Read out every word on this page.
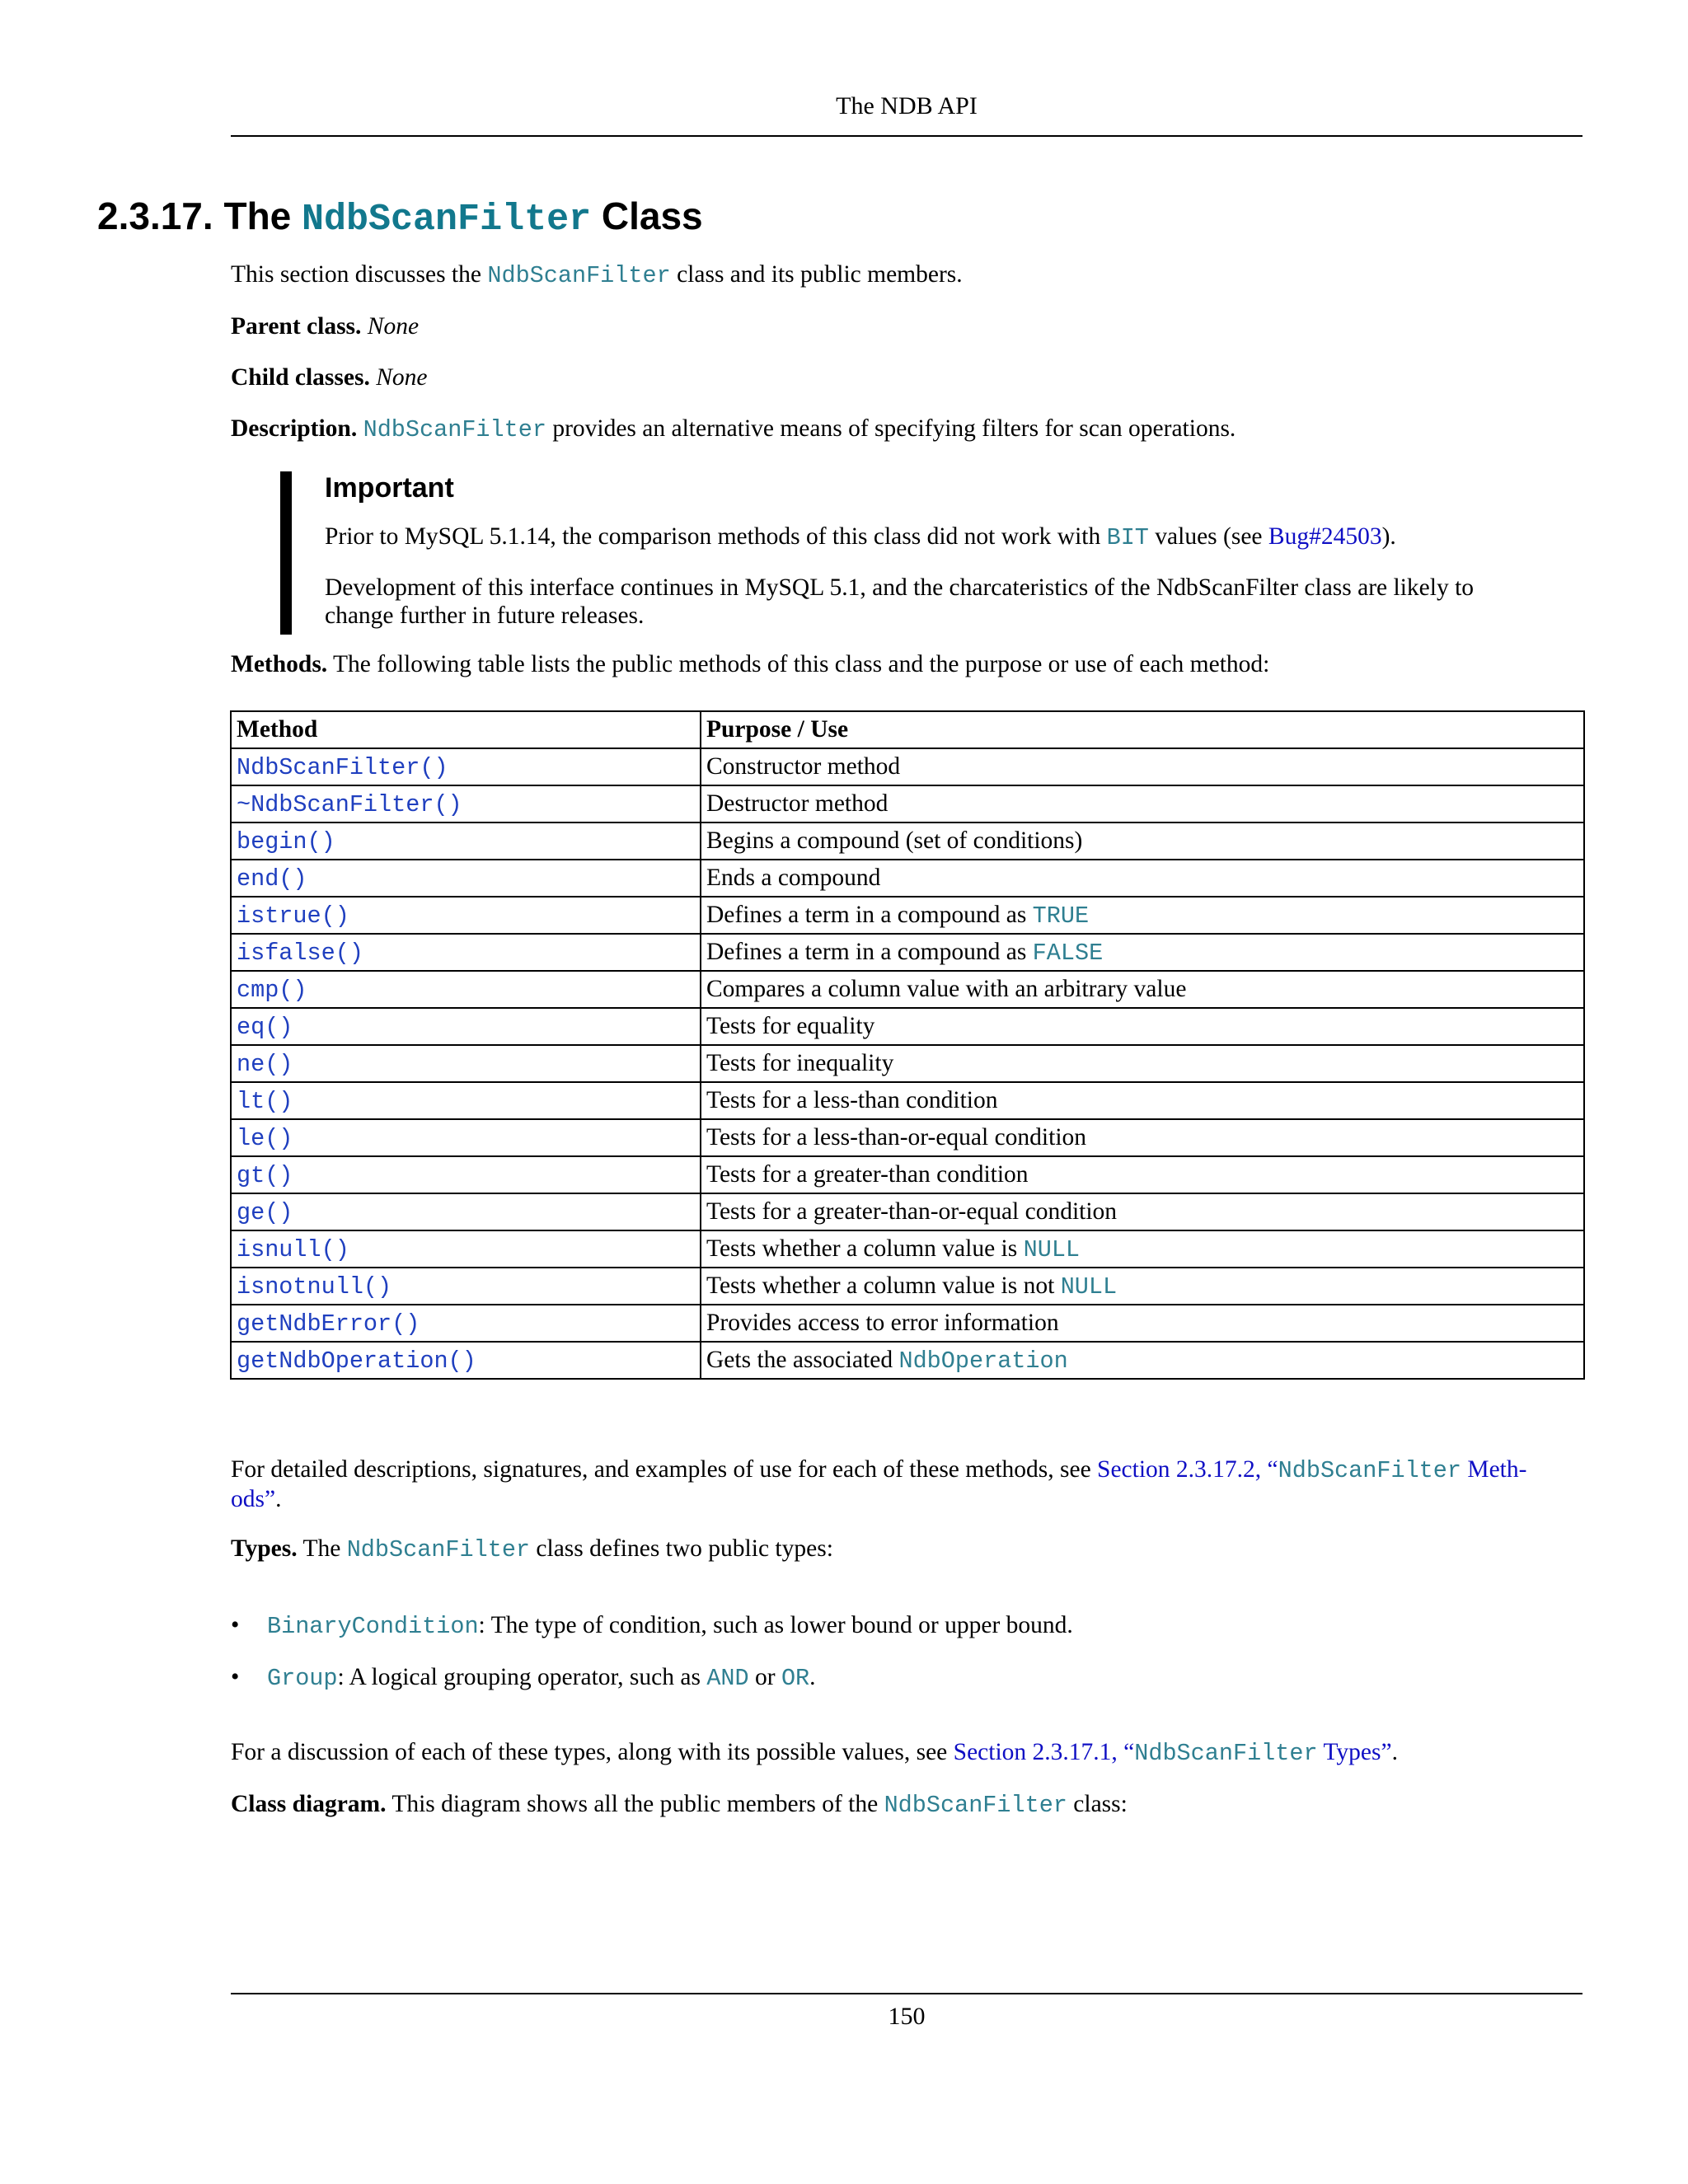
The NDB API
2.3.17. The NdbScanFilter Class
This section discusses the NdbScanFilter class and its public members.
Parent class. None
Child classes. None
Description. NdbScanFilter provides an alternative means of specifying filters for scan operations.
Important
Prior to MySQL 5.1.14, the comparison methods of this class did not work with BIT values (see Bug#24503).
Development of this interface continues in MySQL 5.1, and the charcateristics of the NdbScanFilter class are likely to
change further in future releases.
Methods. The following table lists the public methods of this class and the purpose or use of each method:
Method	Purpose / Use
NdbScanFilter()	Constructor method
~NdbScanFilter()	Destructor method
begin()	Begins a compound (set of conditions)
end()	Ends a compound
istrue()	Defines a term in a compound as TRUE
isfalse()	Defines a term in a compound as FALSE
cmp()	Compares a column value with an arbitrary value
eq()	Tests for equality
ne()	Tests for inequality
lt()	Tests for a less-than condition
le()	Tests for a less-than-or-equal condition
gt()	Tests for a greater-than condition
ge()	Tests for a greater-than-or-equal condition
isnull()	Tests whether a column value is NULL
isnotnull()	Tests whether a column value is not NULL
getNdbError()	Provides access to error information
getNdbOperation()	Gets the associated NdbOperation
For detailed descriptions, signatures, and examples of use for each of these methods, see Section 2.3.17.2, “NdbScanFilter Meth-
ods”.
Types. The NdbScanFilter class defines two public types:
• BinaryCondition: The type of condition, such as lower bound or upper bound.
• Group: A logical grouping operator, such as AND or OR.
For a discussion of each of these types, along with its possible values, see Section 2.3.17.1, “NdbScanFilter Types”.
Class diagram. This diagram shows all the public members of the NdbScanFilter class:
150
